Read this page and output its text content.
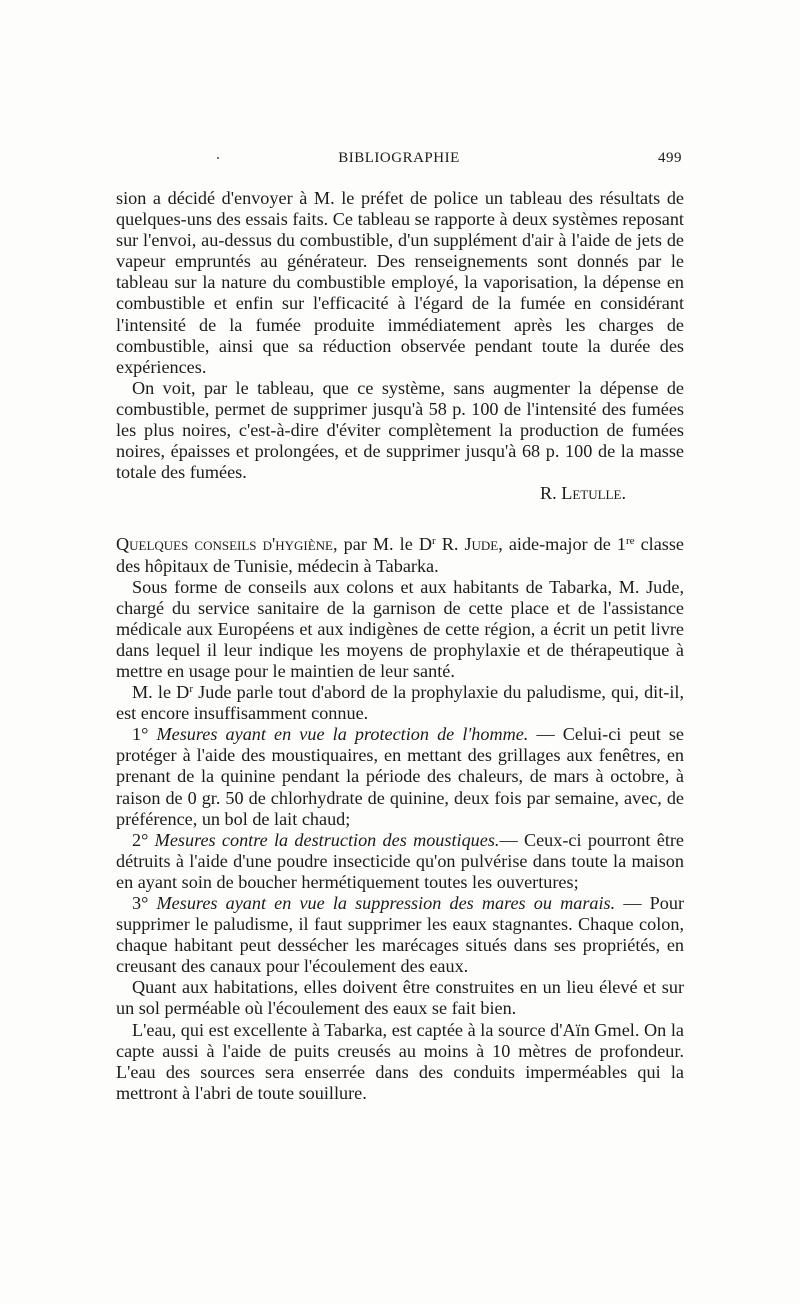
BIBLIOGRAPHIE	499

sion a décidé d'envoyer à M. le préfet de police un tableau des résultats de quelques-uns des essais faits. Ce tableau se rapporte à deux systèmes reposant sur l'envoi, au-dessus du combustible, d'un supplément d'air à l'aide de jets de vapeur empruntés au générateur. Des renseignements sont donnés par le tableau sur la nature du combustible employé, la vaporisation, la dépense en combustible et enfin sur l'efficacité à l'égard de la fumée en considérant l'intensité de la fumée produite immédiatement après les charges de combustible, ainsi que sa réduction observée pendant toute la durée des expériences.

On voit, par le tableau, que ce système, sans augmenter la dépense de combustible, permet de supprimer jusqu'à 58 p. 100 de l'intensité des fumées les plus noires, c'est-à-dire d'éviter complètement la production de fumées noires, épaisses et prolongées, et de supprimer jusqu'à 68 p. 100 de la masse totale des fumées.

R. Letulle.

Quelques conseils d'hygiène, par M. le $D^r$ R. Jude, aide-major de 1re classe des hôpitaux de Tunisie, médecin à Tabarka.

Sous forme de conseils aux colons et aux habitants de Tabarka, M. Jude, chargé du service sanitaire de la garnison de cette place et de l'assistance médicale aux Européens et aux indigènes de cette région, a écrit un petit livre dans lequel il leur indique les moyens de prophylaxie et de thérapeutique à mettre en usage pour le maintien de leur santé.

M. le $D^r$ Jude parle tout d'abord de la prophylaxie du paludisme, qui, dit-il, est encore insuffisamment connue.

1° Mesures ayant en vue la protection de l'homme. — Celui-ci peut se protéger à l'aide des moustiquaires, en mettant des grillages aux fenêtres, en prenant de la quinine pendant la période des chaleurs, de mars à octobre, à raison de 0 gr. 50 de chlorhydrate de quinine, deux fois par semaine, avec, de préférence, un bol de lait chaud;

2° Mesures contre la destruction des moustiques.— Ceux-ci pourront être détruits à l'aide d'une poudre insecticide qu'on pulvérise dans toute la maison en ayant soin de boucher hermétiquement toutes les ouvertures;

3° Mesures ayant en vue la suppression des mares ou marais. — Pour supprimer le paludisme, il faut supprimer les eaux stagnantes. Chaque colon, chaque habitant peut dessécher les marécages situés dans ses propriétés, en creusant des canaux pour l'écoulement des eaux.

Quant aux habitations, elles doivent être construites en un lieu élevé et sur un sol perméable où l'écoulement des eaux se fait bien.

L'eau, qui est excellente à Tabarka, est captée à la source d'Aïn Gmel. On la capte aussi à l'aide de puits creusés au moins à 10 mètres de profondeur. L'eau des sources sera enserrée dans des conduits imperméables qui la mettront à l'abri de toute souillure.
